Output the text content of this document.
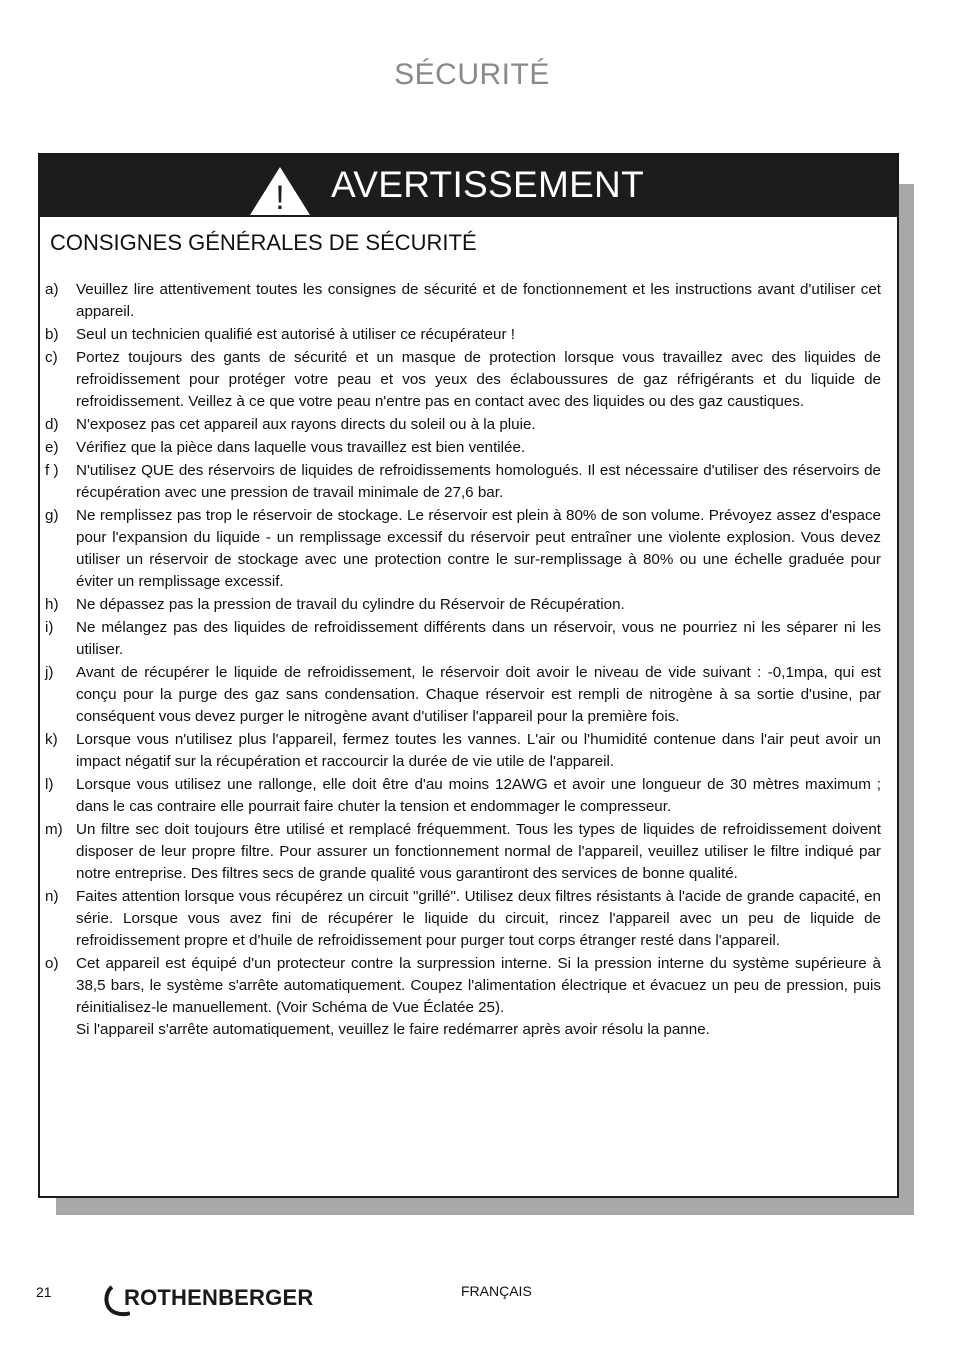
SÉCURITÉ
! AVERTISSEMENT
CONSIGNES GÉNÉRALES DE SÉCURITÉ
a) Veuillez lire attentivement toutes les consignes de sécurité et de fonctionnement et les instructions avant d'utiliser cet appareil.
b) Seul un technicien qualifié est autorisé à utiliser ce récupérateur !
c) Portez toujours des gants de sécurité et un masque de protection lorsque vous travaillez avec des liquides de refroidissement pour protéger votre peau et vos yeux des éclaboussures de gaz réfrigérants et du liquide de refroidissement. Veillez à ce que votre peau n'entre pas en contact avec des liquides ou des gaz caustiques.
d) N'exposez pas cet appareil aux rayons directs du soleil ou à la pluie.
e) Vérifiez que la pièce dans laquelle vous travaillez est bien ventilée.
f ) N'utilisez QUE des réservoirs de liquides de refroidissements homologués. Il est nécessaire d'utiliser des réservoirs de récupération avec une pression de travail minimale de 27,6 bar.
g) Ne remplissez pas trop le réservoir de stockage. Le réservoir est plein à 80% de son volume. Prévoyez assez d'espace pour l'expansion du liquide - un remplissage excessif du réservoir peut entraîner une violente explosion. Vous devez utiliser un réservoir de stockage avec une protection contre le sur-remplissage à 80% ou une échelle graduée pour éviter un remplissage excessif.
h) Ne dépassez pas la pression de travail du cylindre du Réservoir de Récupération.
i) Ne mélangez pas des liquides de refroidissement différents dans un réservoir, vous ne pourriez ni les séparer ni les utiliser.
j) Avant de récupérer le liquide de refroidissement, le réservoir doit avoir le niveau de vide suivant : -0,1mpa, qui est conçu pour la purge des gaz sans condensation. Chaque réservoir est rempli de nitrogène à sa sortie d'usine, par conséquent vous devez purger le nitrogène avant d'utiliser l'appareil pour la première fois.
k) Lorsque vous n'utilisez plus l'appareil, fermez toutes les vannes. L'air ou l'humidité contenue dans l'air peut avoir un impact négatif sur la récupération et raccourcir la durée de vie utile de l'appareil.
l) Lorsque vous utilisez une rallonge, elle doit être d'au moins 12AWG et avoir une longueur de 30 mètres maximum ; dans le cas contraire elle pourrait faire chuter la tension et endommager le compresseur.
m) Un filtre sec doit toujours être utilisé et remplacé fréquemment. Tous les types de liquides de refroidissement doivent disposer de leur propre filtre. Pour assurer un fonctionnement normal de l'appareil, veuillez utiliser le filtre indiqué par notre entreprise. Des filtres secs de grande qualité vous garantiront des services de bonne qualité.
n) Faites attention lorsque vous récupérez un circuit "grillé". Utilisez deux filtres résistants à l'acide de grande capacité, en série. Lorsque vous avez fini de récupérer le liquide du circuit, rincez l'appareil avec un peu de liquide de refroidissement propre et d'huile de refroidissement pour purger tout corps étranger resté dans l'appareil.
o) Cet appareil est équipé d'un protecteur contre la surpression interne. Si la pression interne du système supérieure à 38,5 bars, le système s'arrête automatiquement. Coupez l'alimentation électrique et évacuez un peu de pression, puis réinitialisez-le manuellement. (Voir Schéma de Vue Éclatée 25).
Si l'appareil s'arrête automatiquement, veuillez le faire redémarrer après avoir résolu la panne.
21	ROTHENBERGER	FRANÇAIS
